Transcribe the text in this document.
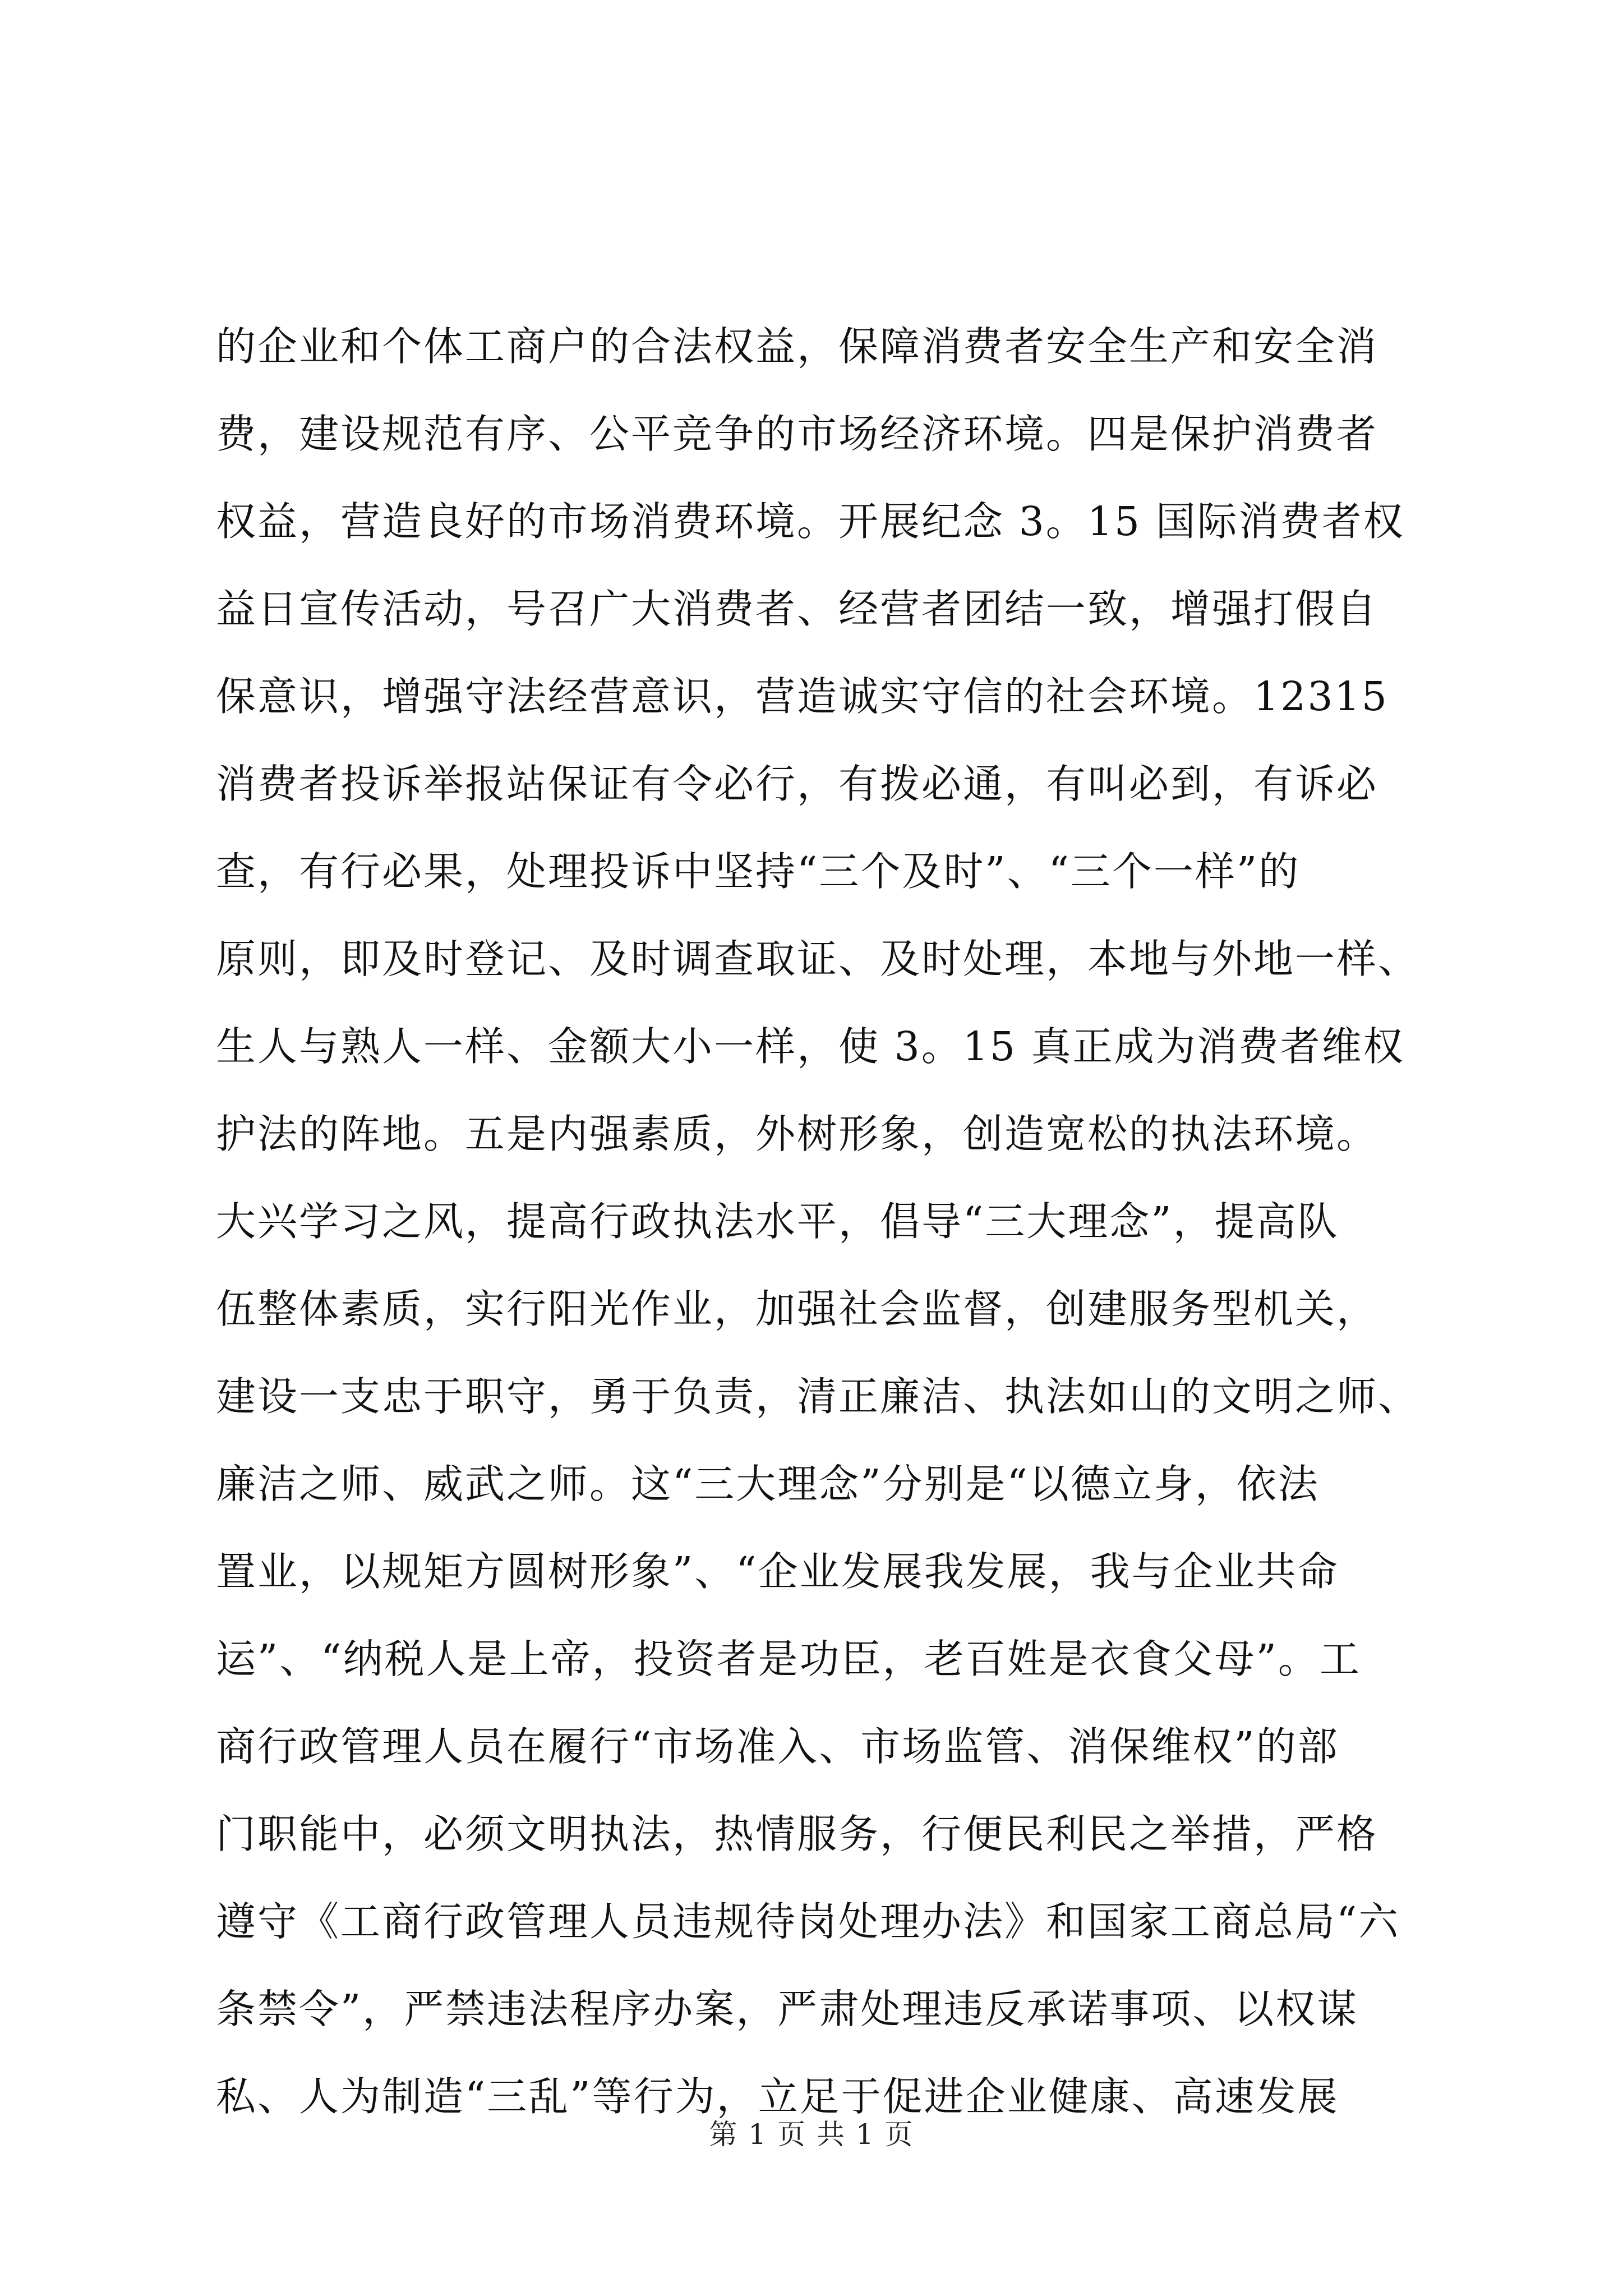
的企业和个体工商户的合法权益，保障消费者安全生产和安全消
费，建设规范有序、公平竞争的市场经济环境。四是保护消费者
权益，营造良好的市场消费环境。开展纪念 3。15 国际消费者权
益日宣传活动，号召广大消费者、经营者团结一致，增强打假自
保意识，增强守法经营意识，营造诚实守信的社会环境。12315
消费者投诉举报站保证有令必行，有拨必通，有叫必到，有诉必
查，有行必果，处理投诉中坚持“三个及时”、“三个一样”的
原则，即及时登记、及时调查取证、及时处理，本地与外地一样、
生人与熟人一样、金额大小一样，使 3。15 真正成为消费者维权
护法的阵地。五是内强素质，外树形象，创造宽松的执法环境。
大兴学习之风，提高行政执法水平，倡导“三大理念”，提高队
伍整体素质，实行阳光作业，加强社会监督，创建服务型机关，
建设一支忠于职守，勇于负责，清正廉洁、执法如山的文明之师、
廉洁之师、威武之师。这“三大理念”分别是“以德立身，依法
置业，以规矩方圆树形象”、“企业发展我发展，我与企业共命
运”、“纳税人是上帝，投资者是功臣，老百姓是衣食父母”。工
商行政管理人员在履行“市场准入、市场监管、消保维权”的部
门职能中，必须文明执法，热情服务，行便民利民之举措，严格
遵守《工商行政管理人员违规待岗处理办法》和国家工商总局“六
条禁令”，严禁违法程序办案，严肃处理违反承诺事项、以权谋
私、人为制造“三乱”等行为，立足于促进企业健康、高速发展
第 1 页 共 1 页
